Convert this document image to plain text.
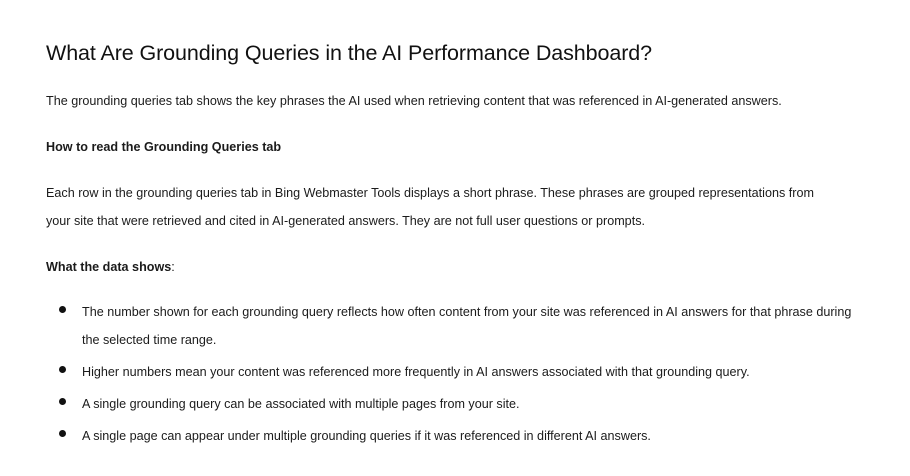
What Are Grounding Queries in the AI Performance Dashboard?

The grounding queries tab shows the key phrases the AI used when retrieving content that was referenced in AI-generated answers.

How to read the Grounding Queries tab

Each row in the grounding queries tab in Bing Webmaster Tools displays a short phrase. These phrases are grouped representations from
your site that were retrieved and cited in AI-generated answers. They are not full user questions or prompts.

What the data shows:

The number shown for each grounding query reflects how often content from your site was referenced in AI answers for that phrase during the selected time range.
Higher numbers mean your content was referenced more frequently in AI answers associated with that grounding query.
A single grounding query can be associated with multiple pages from your site.
A single page can appear under multiple grounding queries if it was referenced in different AI answers.
